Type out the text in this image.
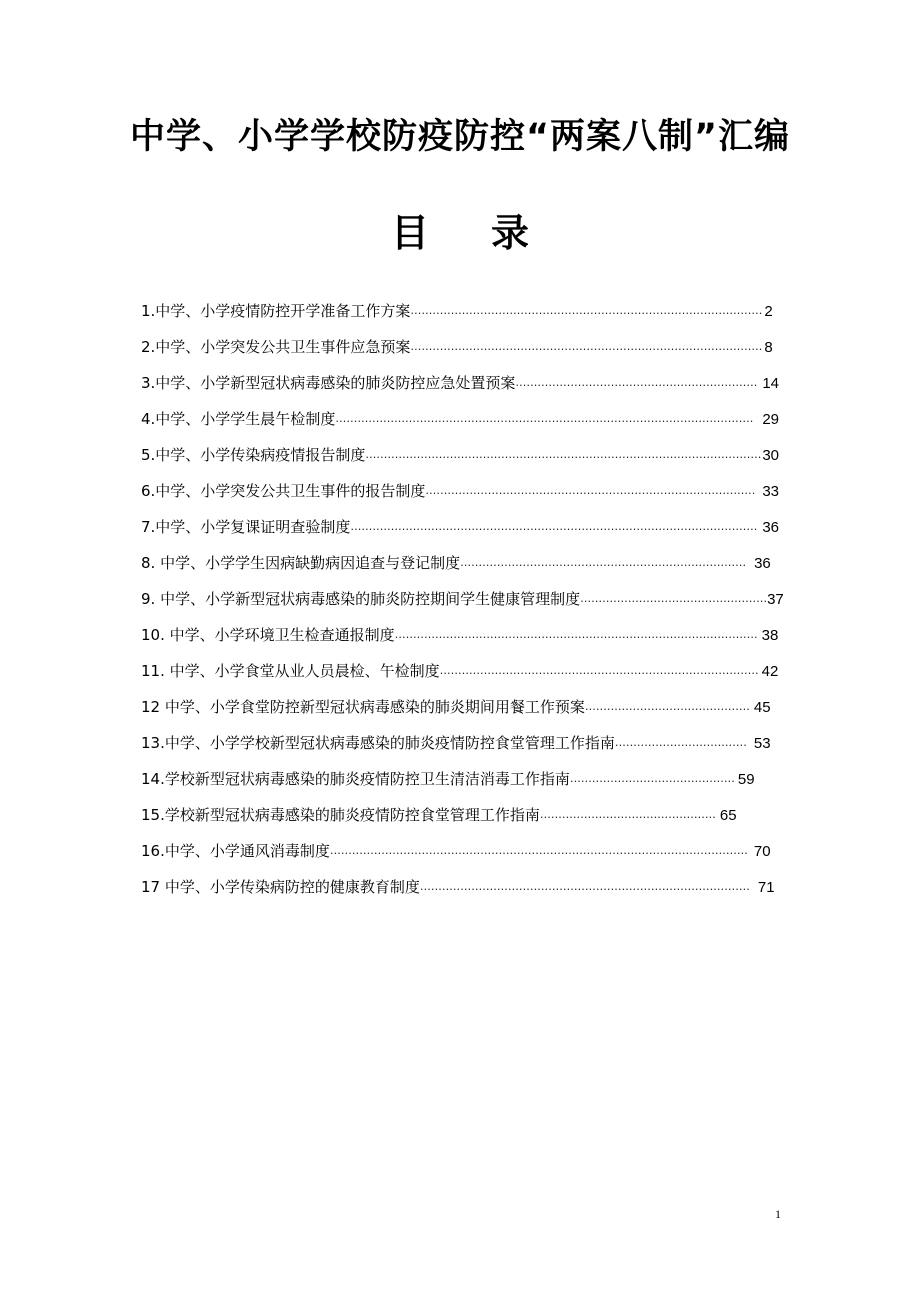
中学、小学学校防疫防控“两案八制”汇编
目 录
1.中学、小学疫情防控开学准备工作方案…………………………………………………………………………………… 2
2.中学、小学突发公共卫生事件应急预案…………………………………………………………………………………… 8
3.中学、小学新型冠状病毒感染的肺炎防控应急处置预案………………………………………………………… 14
4.中学、小学学生晨午检制度…………………………………………………………………………………………………… 29
5.中学、小学传染病疫情报告制度………………………………………………………………………………………………30
6.中学、小学突发公共卫生事件的报告制度……………………………………………………………………………… 33
7.中学、小学复课证明查验制度………………………………………………………………………………………………… 36
8. 中学、小学学生因病缺勤病因追查与登记制度…………………………………………………………………… 36
9. 中学、小学新型冠状病毒感染的肺炎防控期间学生健康管理制度……………………………………………37
10. 中学、小学环境卫生检查通报制度……………………………………………………………………………………… 38
11. 中学、小学食堂从业人员晨检、午检制度…………………………………………………………………………… 42
12 中学、小学食堂防控新型冠状病毒感染的肺炎期间用餐工作预案……………………………………… 45
13.中学、小学学校新型冠状病毒感染的肺炎疫情防控食堂管理工作指南……………………………… 53
14.学校新型冠状病毒感染的肺炎疫情防控卫生清洁消毒工作指南……………………………………… 59
15.学校新型冠状病毒感染的肺炎疫情防控食堂管理工作指南………………………………………… 65
16.中学、小学通风消毒制度…………………………………………………………………………………………………… 70
17 中学、小学传染病防控的健康教育制度……………………………………………………………………………… 71
1
